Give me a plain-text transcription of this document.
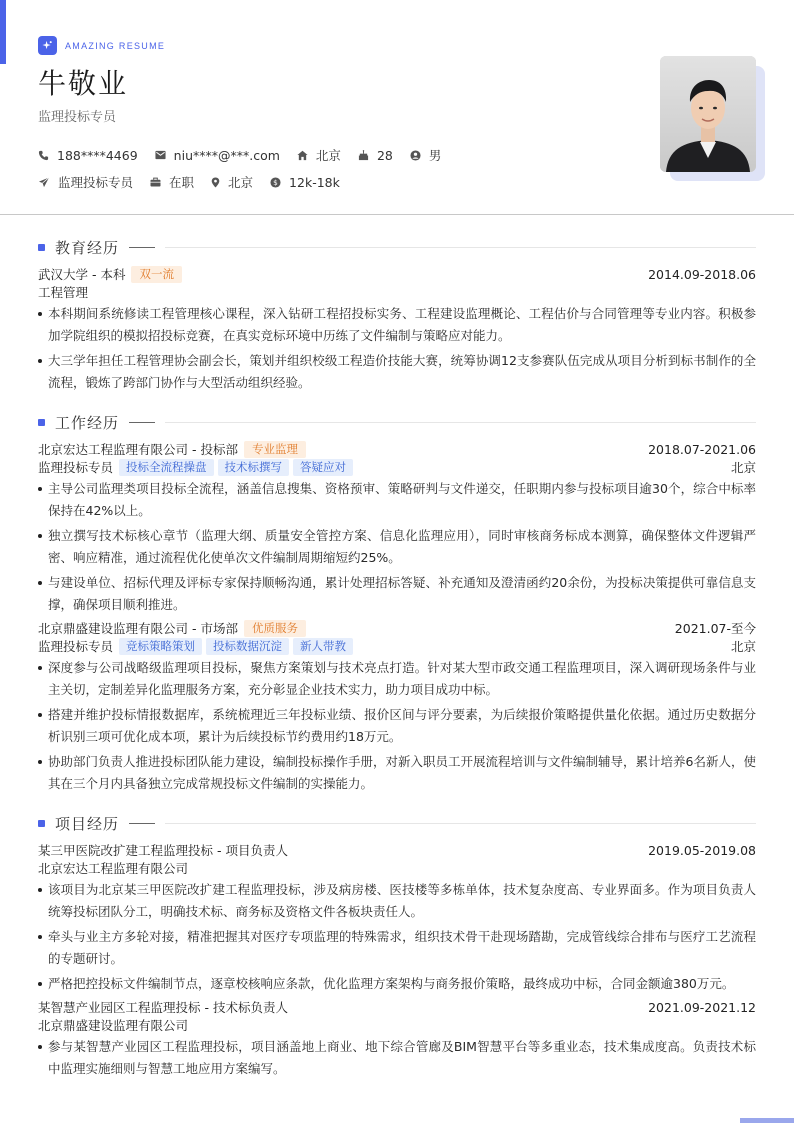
AMAZING RESUME
牛敬业
监理投标专员
188****4469	niu****@***.com	北京	28	男
监理投标专员	在职	北京	$ 12k-18k
教育经历
武汉大学 - 本科	双一流	2014.09-2018.06
工程管理
本科期间系统修读工程管理核心课程，深入钻研工程招投标实务、工程建设监理概论、工程估价与合同管理等专业内容。积极参加学院组织的模拟招投标竞赛，在真实竞标环境中历练了文件编制与策略应对能力。
大三学年担任工程管理协会副会长，策划并组织校级工程造价技能大赛，统筹协调12支参赛队伍完成从项目分析到标书制作的全流程，锻炼了跨部门协作与大型活动组织经验。
工作经历
北京宏达工程监理有限公司 - 投标部	专业监理	2018.07-2021.06
监理投标专员	投标全流程操盘	技术标撰写	答疑应对	北京
主导公司监理类项目投标全流程，涵盖信息搜集、资格预审、策略研判与文件递交，任职期内参与投标项目逾30个，综合中标率保持在42%以上。
独立撰写技术标核心章节（监理大纲、质量安全管控方案、信息化监理应用），同时审核商务标成本测算，确保整体文件逻辑严密、响应精准，通过流程优化使单次文件编制周期缩短约25%。
与建设单位、招标代理及评标专家保持顺畅沟通，累计处理招标答疑、补充通知及澄清函约20余份，为投标决策提供可靠信息支撑，确保项目顺利推进。
北京鼎盛建设监理有限公司 - 市场部	优质服务	2021.07-至今
监理投标专员	竞标策略策划	投标数据沉淀	新人带教	北京
深度参与公司战略级监理项目投标，聚焦方案策划与技术亮点打造。针对某大型市政交通工程监理项目，深入调研现场条件与业主关切，定制差异化监理服务方案，充分彰显企业技术实力，助力项目成功中标。
搭建并维护投标情报数据库，系统梳理近三年投标业绩、报价区间与评分要素，为后续报价策略提供量化依据。通过历史数据分析识别三项可优化成本项，累计为后续投标节约费用约18万元。
协助部门负责人推进投标团队能力建设，编制投标操作手册，对新入职员工开展流程培训与文件编制辅导，累计培养6名新人，使其在三个月内具备独立完成常规投标文件编制的实操能力。
项目经历
某三甲医院改扩建工程监理投标 - 项目负责人	2019.05-2019.08
北京宏达工程监理有限公司
该项目为北京某三甲医院改扩建工程监理投标，涉及病房楼、医技楼等多栋单体，技术复杂度高、专业界面多。作为项目负责人统筹投标团队分工，明确技术标、商务标及资格文件各板块责任人。
牵头与业主方多轮对接，精准把握其对医疗专项监理的特殊需求，组织技术骨干赴现场踏勘，完成管线综合排布与医疗工艺流程的专题研讨。
严格把控投标文件编制节点，逐章校核响应条款，优化监理方案架构与商务报价策略，最终成功中标，合同金额逾380万元。
某智慧产业园区工程监理投标 - 技术标负责人	2021.09-2021.12
北京鼎盛建设监理有限公司
参与某智慧产业园区工程监理投标，项目涵盖地上商业、地下综合管廊及BIM智慧平台等多重业态，技术集成度高。负责技术标中监理实施细则与智慧工地应用方案编写。
